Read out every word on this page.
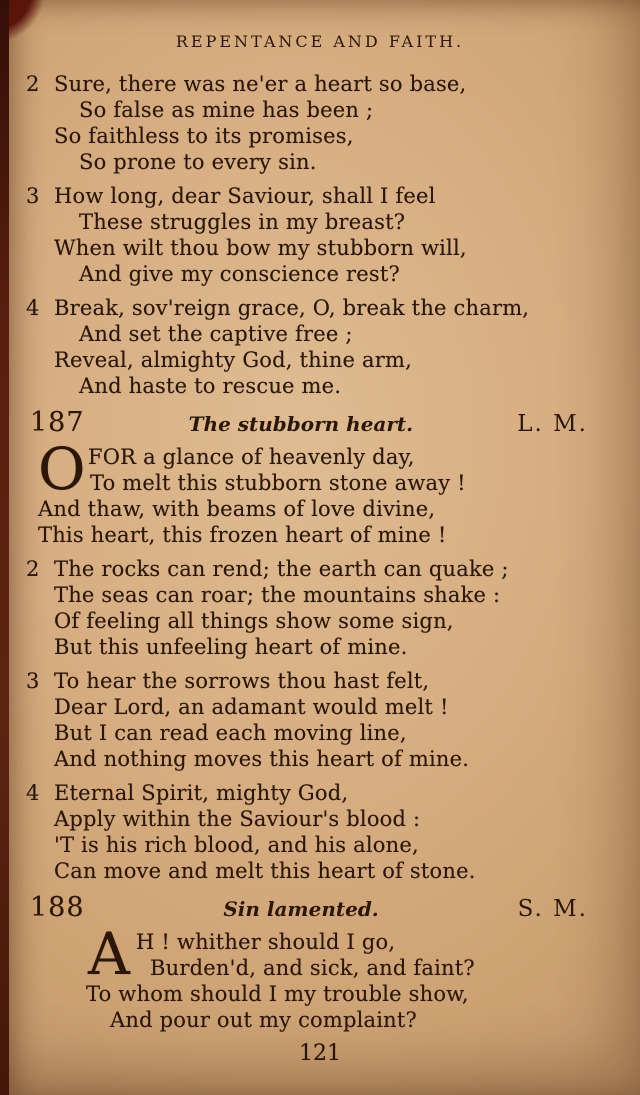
REPENTANCE AND FAITH.
2 Sure, there was ne'er a heart so base,
So false as mine has been ;
So faithless to its promises,
So prone to every sin.
3 How long, dear Saviour, shall I feel
These struggles in my breast?
When wilt thou bow my stubborn will,
And give my conscience rest?
4 Break, sov'reign grace, O, break the charm,
And set the captive free ;
Reveal, almighty God, thine arm,
And haste to rescue me.
187	The stubborn heart.	L. M.
O FOR a glance of heavenly day,
To melt this stubborn stone away !
And thaw, with beams of love divine,
This heart, this frozen heart of mine !
2 The rocks can rend; the earth can quake ;
The seas can roar; the mountains shake :
Of feeling all things show some sign,
But this unfeeling heart of mine.
3 To hear the sorrows thou hast felt,
Dear Lord, an adamant would melt !
But I can read each moving line,
And nothing moves this heart of mine.
4 Eternal Spirit, mighty God,
Apply within the Saviour's blood :
'T is his rich blood, and his alone,
Can move and melt this heart of stone.
188	Sin lamented.	S. M.
A H ! whither should I go,
Burden'd, and sick, and faint?
To whom should I my trouble show,
And pour out my complaint?
121
